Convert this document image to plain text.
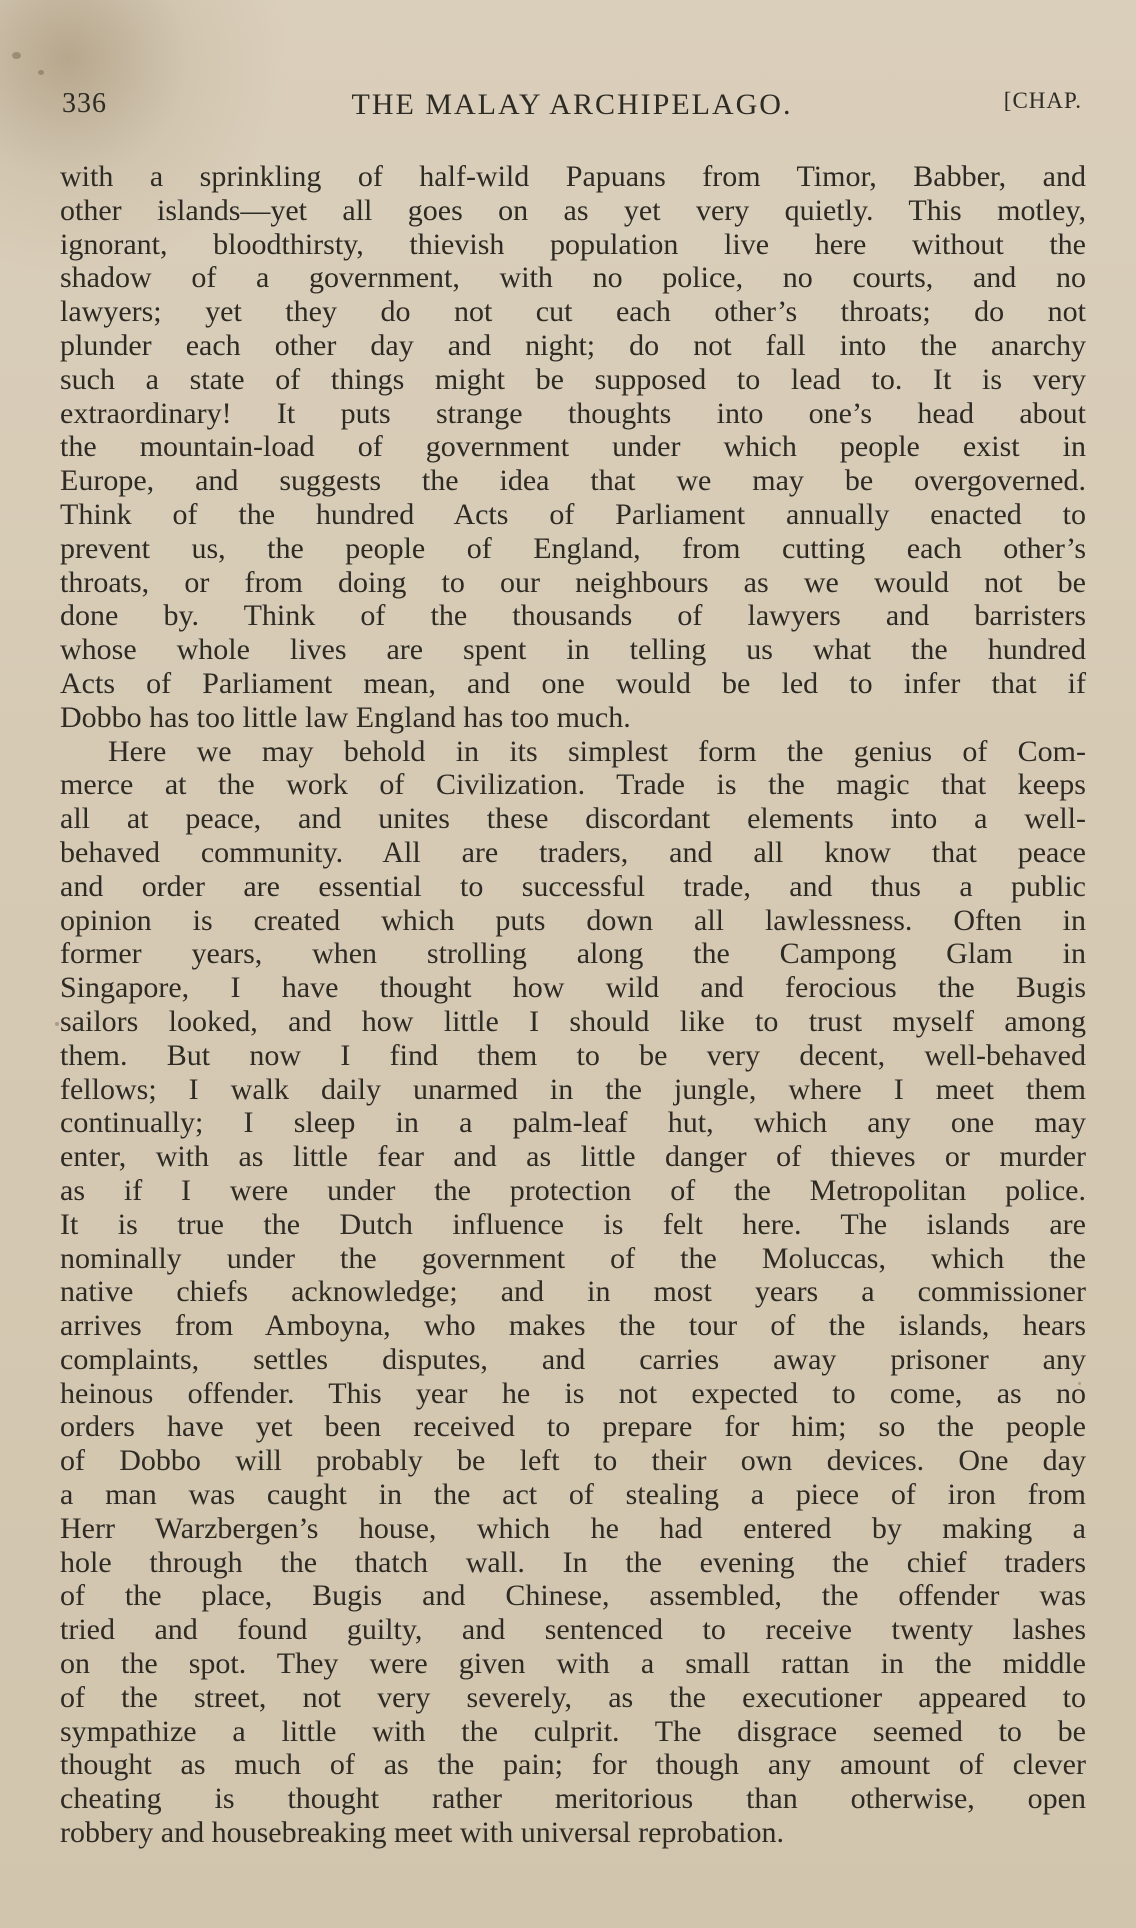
336	THE MALAY ARCHIPELAGO.	[CHAP.
with a sprinkling of half-wild Papuans from Timor, Babber, and
other islands—yet all goes on as yet very quietly. This motley,
ignorant, bloodthirsty, thievish population live here without the
shadow of a government, with no police, no courts, and no
lawyers; yet they do not cut each other’s throats; do not
plunder each other day and night; do not fall into the anarchy
such a state of things might be supposed to lead to. It is very
extraordinary! It puts strange thoughts into one’s head about
the mountain-load of government under which people exist in
Europe, and suggests the idea that we may be overgoverned.
Think of the hundred Acts of Parliament annually enacted to
prevent us, the people of England, from cutting each other’s
throats, or from doing to our neighbours as we would not be
done by. Think of the thousands of lawyers and barristers
whose whole lives are spent in telling us what the hundred
Acts of Parliament mean, and one would be led to infer that if
Dobbo has too little law England has too much.
Here we may behold in its simplest form the genius of Com-
merce at the work of Civilization. Trade is the magic that keeps
all at peace, and unites these discordant elements into a well-
behaved community. All are traders, and all know that peace
and order are essential to successful trade, and thus a public
opinion is created which puts down all lawlessness. Often in
former years, when strolling along the Campong Glam in
Singapore, I have thought how wild and ferocious the Bugis
sailors looked, and how little I should like to trust myself among
them. But now I find them to be very decent, well-behaved
fellows; I walk daily unarmed in the jungle, where I meet them
continually; I sleep in a palm-leaf hut, which any one may
enter, with as little fear and as little danger of thieves or murder
as if I were under the protection of the Metropolitan police.
It is true the Dutch influence is felt here. The islands are
nominally under the government of the Moluccas, which the
native chiefs acknowledge; and in most years a commissioner
arrives from Amboyna, who makes the tour of the islands, hears
complaints, settles disputes, and carries away prisoner any
heinous offender. This year he is not expected to come, as no
orders have yet been received to prepare for him; so the people
of Dobbo will probably be left to their own devices. One day
a man was caught in the act of stealing a piece of iron from
Herr Warzbergen’s house, which he had entered by making a
hole through the thatch wall. In the evening the chief traders
of the place, Bugis and Chinese, assembled, the offender was
tried and found guilty, and sentenced to receive twenty lashes
on the spot. They were given with a small rattan in the middle
of the street, not very severely, as the executioner appeared to
sympathize a little with the culprit. The disgrace seemed to be
thought as much of as the pain; for though any amount of clever
cheating is thought rather meritorious than otherwise, open
robbery and housebreaking meet with universal reprobation.
